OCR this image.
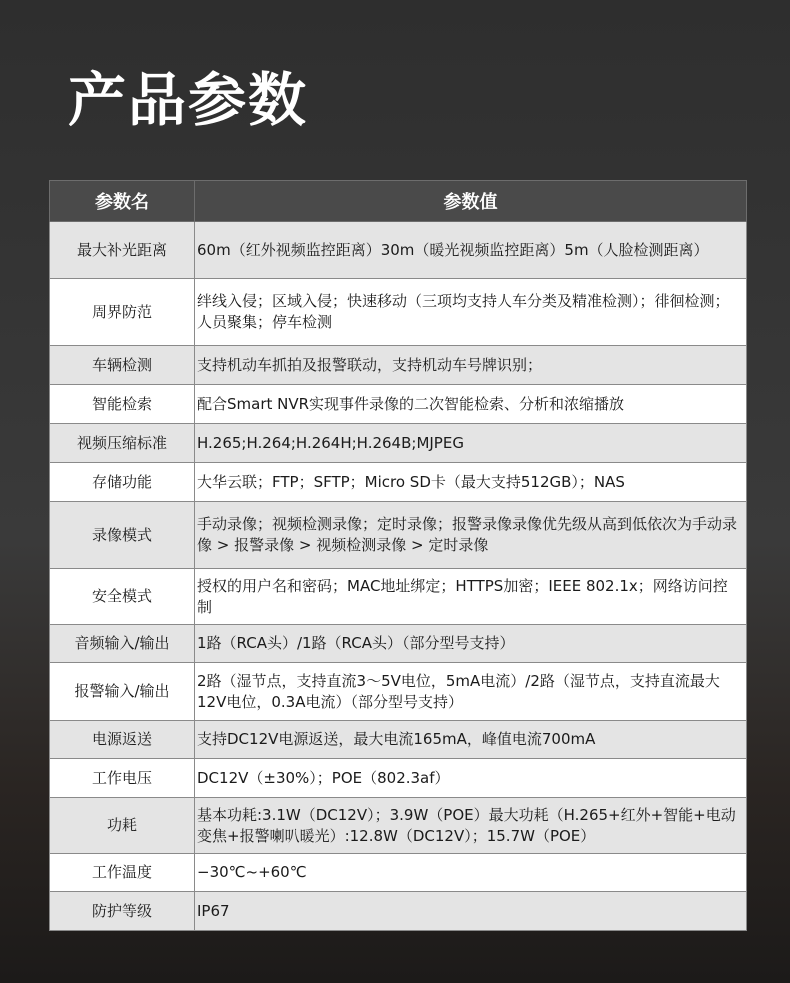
产品参数
参数名	参数值
最大补光距离	60m（红外视频监控距离）30m（暖光视频监控距离）5m（人脸检测距离）
周界防范	绊线入侵；区域入侵；快速移动（三项均支持人车分类及精准检测）；徘徊检测；人员聚集；停车检测
车辆检测	支持机动车抓拍及报警联动，支持机动车号牌识别；
智能检索	配合Smart NVR实现事件录像的二次智能检索、分析和浓缩播放
视频压缩标准	H.265;H.264;H.264H;H.264B;MJPEG
存储功能	大华云联；FTP；SFTP；Micro SD卡（最大支持512GB）；NAS
录像模式	手动录像；视频检测录像；定时录像；报警录像录像优先级从高到低依次为手动录像 > 报警录像 > 视频检测录像 > 定时录像
安全模式	授权的用户名和密码；MAC地址绑定；HTTPS加密；IEEE 802.1x；网络访问控制
音频输入/输出	1路（RCA头）/1路（RCA头）（部分型号支持）
报警输入/输出	2路（湿节点，支持直流3～5V电位，5mA电流）/2路（湿节点，支持直流最大12V电位，0.3A电流）（部分型号支持）
电源返送	支持DC12V电源返送，最大电流165mA，峰值电流700mA
工作电压	DC12V（±30%）；POE（802.3af）
功耗	基本功耗:3.1W（DC12V）；3.9W（POE）最大功耗（H.265+红外+智能+电动变焦+报警喇叭暖光）:12.8W（DC12V）；15.7W（POE）
工作温度	−30℃~+60℃
防护等级	IP67
